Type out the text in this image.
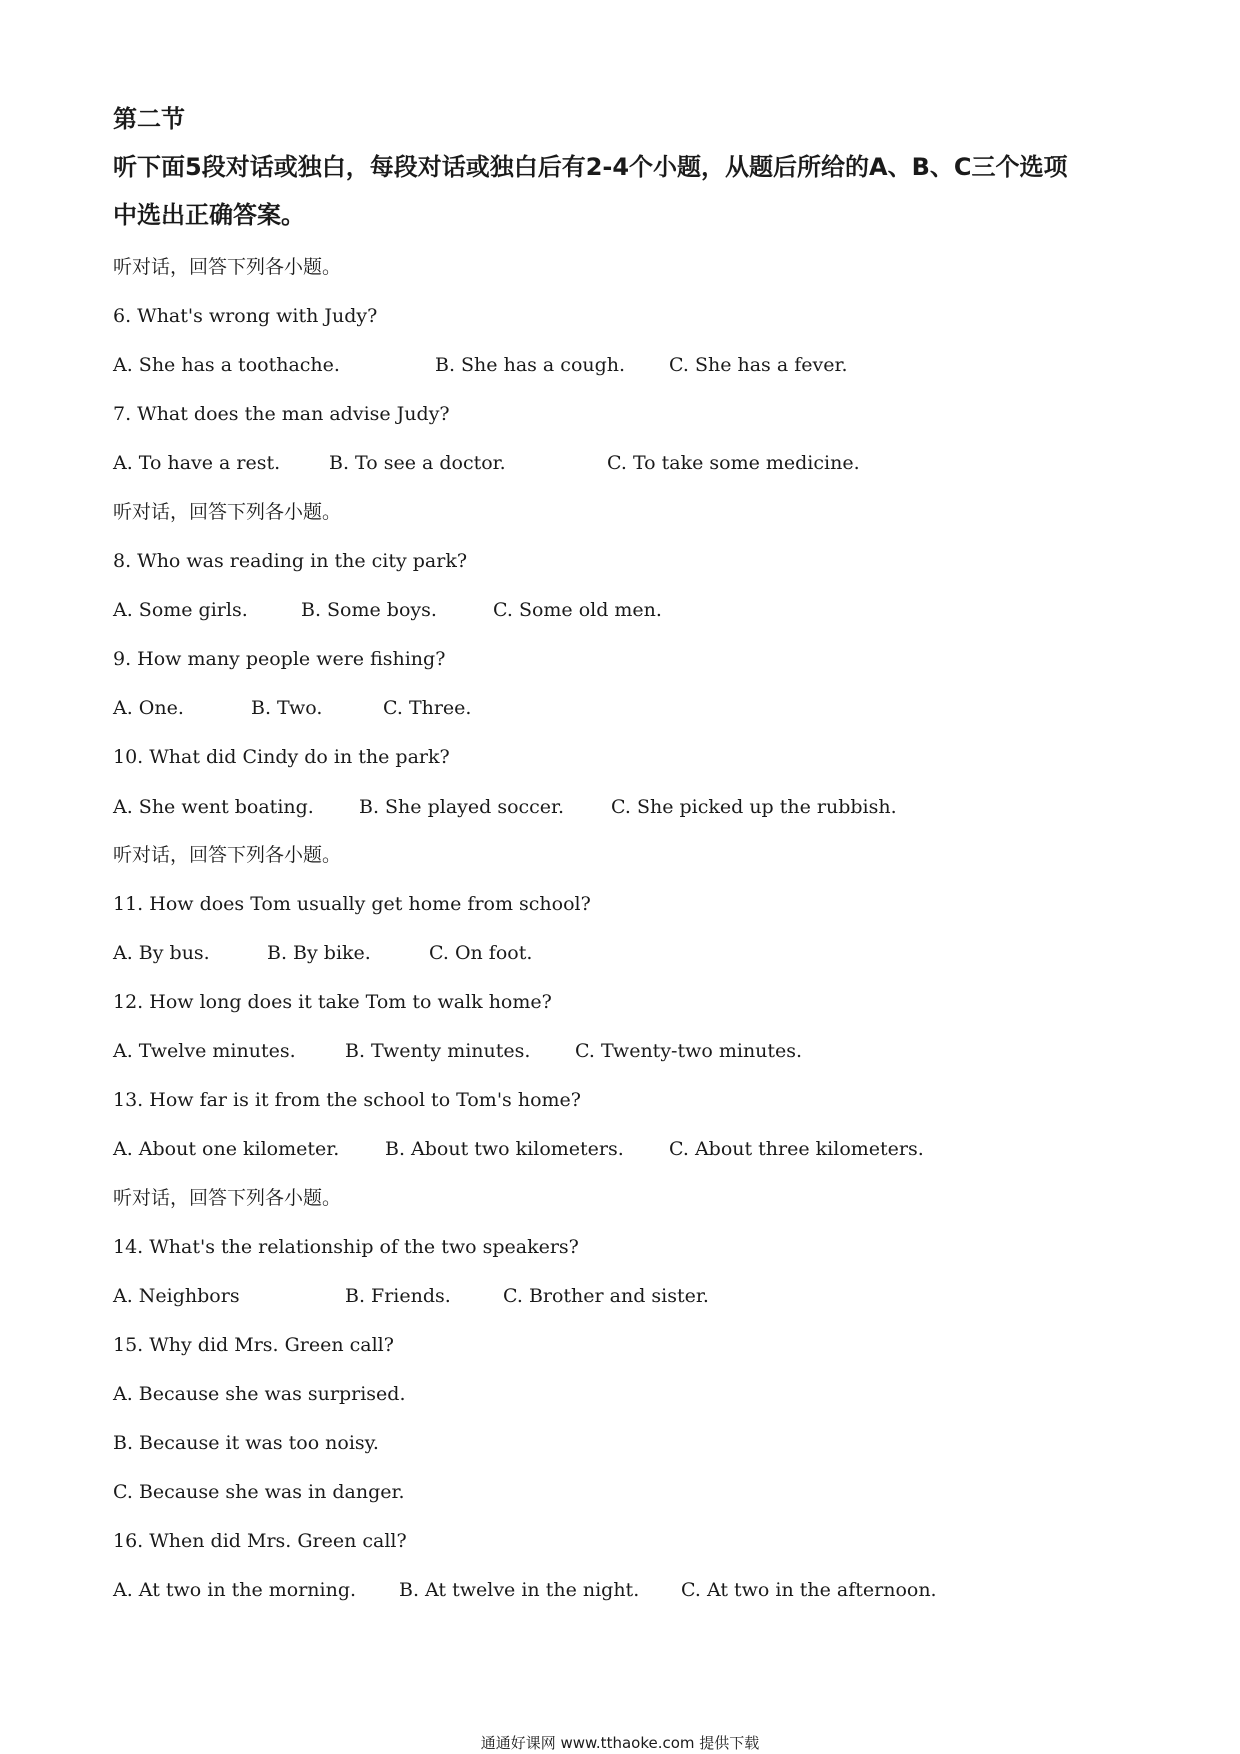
第二节
听下面5段对话或独白，每段对话或独白后有2-4个小题，从题后所给的A、B、C三个选项
中选出正确答案。
听对话，回答下列各小题。
6. What's wrong with Judy?
A. She has a toothache.	B. She has a cough. C. She has a fever.
7. What does the man advise Judy?
A. To have a rest.	B. To see a doctor.	C. To take some medicine.
听对话，回答下列各小题。
8. Who was reading in the city park?
A. Some girls.	B. Some boys.	C. Some old men.
9. How many people were fishing?
A. One.	B. Two.	C. Three.
10. What did Cindy do in the park?
A. She went boating. B. She played soccer. C. She picked up the rubbish.
听对话，回答下列各小题。
11. How does Tom usually get home from school?
A. By bus.	B. By bike.	C. On foot.
12. How long does it take Tom to walk home?
A. Twelve minutes.	B. Twenty minutes. C. Twenty-two minutes.
13. How far is it from the school to Tom's home?
A. About one kilometer. B. About two kilometers. C. About three kilometers.
听对话，回答下列各小题。
14. What's the relationship of the two speakers?
A. Neighbors	B. Friends.	C. Brother and sister.
15. Why did Mrs. Green call?
A. Because she was surprised.
B. Because it was too noisy.
C. Because she was in danger.
16. When did Mrs. Green call?
A. At two in the morning. B. At twelve in the night. C. At two in the afternoon.
通通好课网 www.tthaoke.com 提供下载
